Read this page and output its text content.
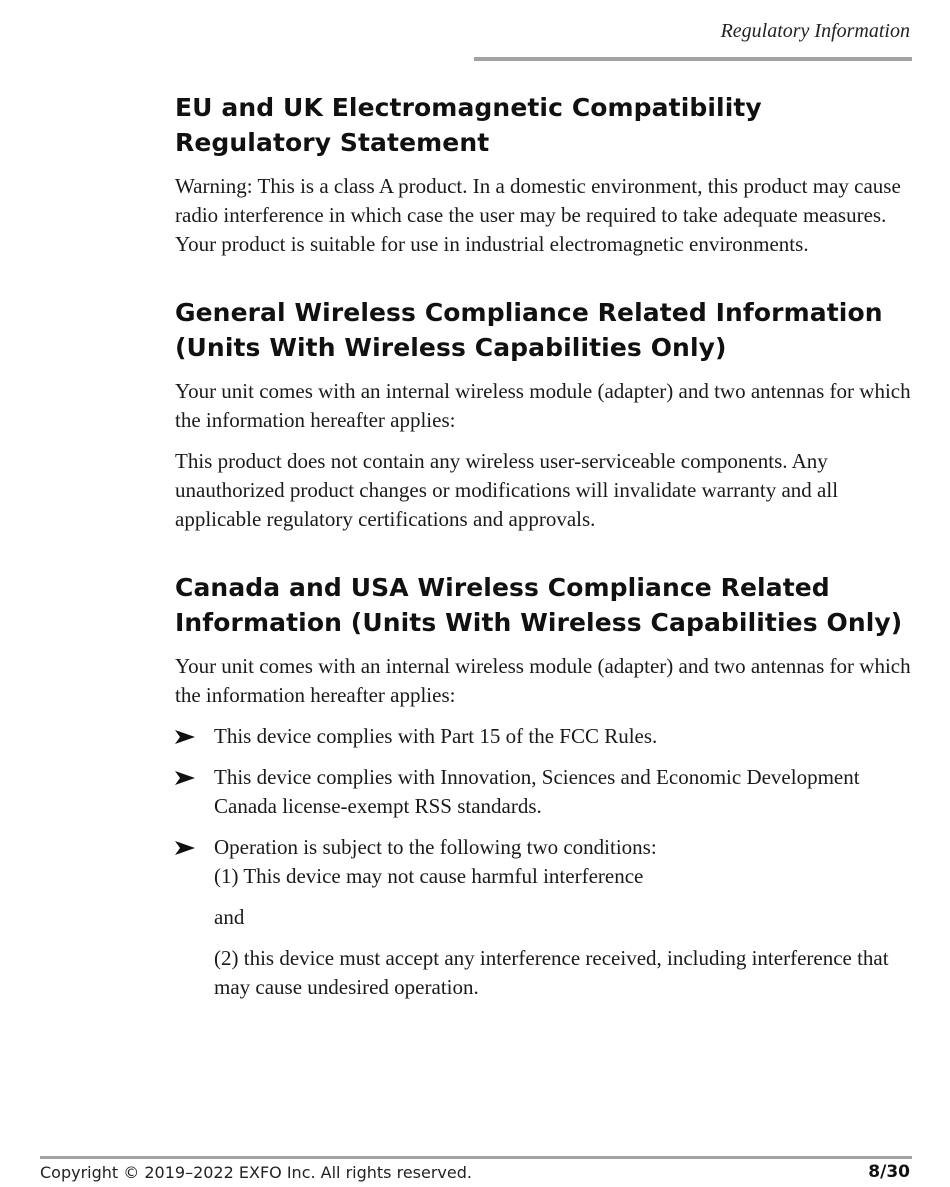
Regulatory Information
EU and UK Electromagnetic Compatibility Regulatory Statement

Warning: This is a class A product. In a domestic environment, this product may cause radio interference in which case the user may be required to take adequate measures. Your product is suitable for use in industrial electromagnetic environments.

General Wireless Compliance Related Information (Units With Wireless Capabilities Only)

Your unit comes with an internal wireless module (adapter) and two antennas for which the information hereafter applies:

This product does not contain any wireless user-serviceable components. Any unauthorized product changes or modifications will invalidate warranty and all applicable regulatory certifications and approvals.

Canada and USA Wireless Compliance Related Information (Units With Wireless Capabilities Only)

Your unit comes with an internal wireless module (adapter) and two antennas for which the information hereafter applies:

This device complies with Part 15 of the FCC Rules.
This device complies with Innovation, Sciences and Economic Development Canada license-exempt RSS standards.
Operation is subject to the following two conditions:
(1) This device may not cause harmful interference
and
(2) this device must accept any interference received, including interference that may cause undesired operation.
Copyright © 2019–2022 EXFO Inc. All rights reserved.	8/30
